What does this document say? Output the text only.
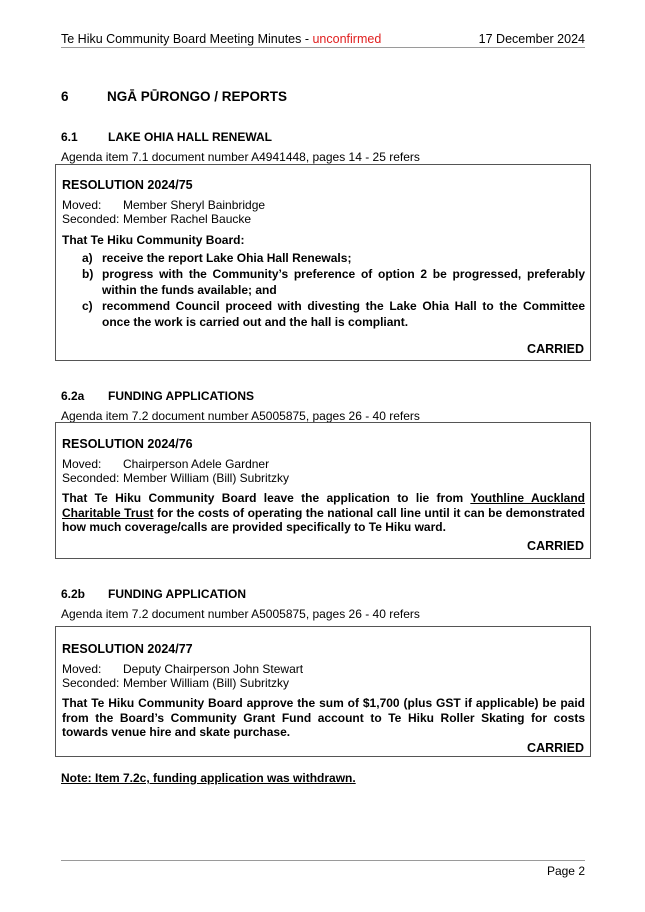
Te Hiku Community Board Meeting Minutes - unconfirmed	17 December 2024
6	NGĀ PŪRONGO / REPORTS
6.1	LAKE OHIA HALL RENEWAL
Agenda item 7.1 document number A4941448, pages 14 - 25 refers
RESOLUTION 2024/75
Moved: Member Sheryl Bainbridge
Seconded: Member Rachel Baucke
That Te Hiku Community Board:
a) receive the report Lake Ohia Hall Renewals;
b) progress with the Community’s preference of option 2 be progressed, preferably within the funds available; and
c) recommend Council proceed with divesting the Lake Ohia Hall to the Committee once the work is carried out and the hall is compliant.
CARRIED
6.2a FUNDING APPLICATIONS
Agenda item 7.2 document number A5005875, pages 26 - 40 refers
RESOLUTION 2024/76
Moved: Chairperson Adele Gardner
Seconded: Member William (Bill) Subritzky
That Te Hiku Community Board leave the application to lie from Youthline Auckland Charitable Trust for the costs of operating the national call line until it can be demonstrated how much coverage/calls are provided specifically to Te Hiku ward.
CARRIED
6.2b FUNDING APPLICATION
Agenda item 7.2 document number A5005875, pages 26 - 40 refers
RESOLUTION 2024/77
Moved: Deputy Chairperson John Stewart
Seconded: Member William (Bill) Subritzky
That Te Hiku Community Board approve the sum of $1,700 (plus GST if applicable) be paid from the Board’s Community Grant Fund account to Te Hiku Roller Skating for costs towards venue hire and skate purchase.
CARRIED
Note: Item 7.2c, funding application was withdrawn.
Page 2
